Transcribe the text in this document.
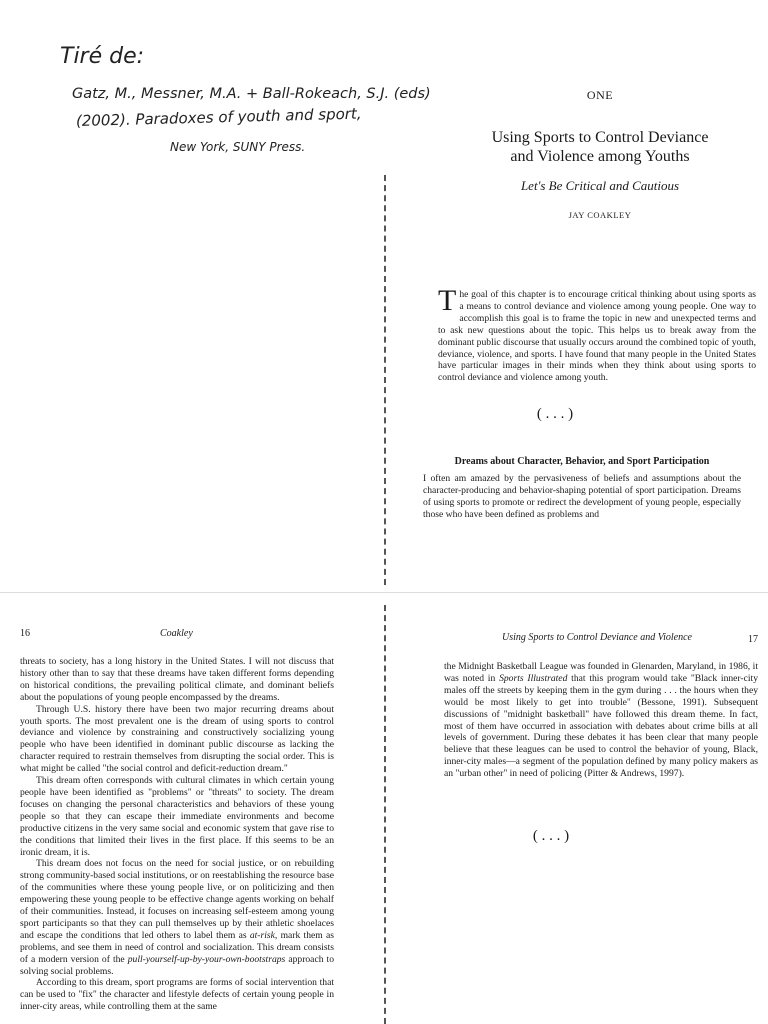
Tiré de:
Gatz, M., Messner, M.A. + Ball-Rokeach, S.J. (eds)
(2002). Paradoxes of youth and sport,
New York, SUNY Press.
ONE
Using Sports to Control Deviance
and Violence among Youths
Let's Be Critical and Cautious
JAY COAKLEY

The goal of this chapter is to encourage critical thinking about using sports as a means to control deviance and violence among young people. One way to accomplish this goal is to frame the topic in new and unexpected terms and to ask new questions about the topic. This helps us to break away from the dominant public discourse that usually occurs around the combined topic of youth, deviance, violence, and sports. I have found that many people in the United States have particular images in their minds when they think about using sports to control deviance and violence among youth.

( . . . )
Dreams about Character, Behavior, and Sport Participation

I often am amazed by the pervasiveness of beliefs and assumptions about the character-producing and behavior-shaping potential of sport participation. Dreams of using sports to promote or redirect the development of young people, especially those who have been defined as problems and

16	Coakley

threats to society, has a long history in the United States. I will not discuss that history other than to say that these dreams have taken different forms depending on historical conditions, the prevailing political climate, and dominant beliefs about the populations of young people encompassed by the dreams.

Through U.S. history there have been two major recurring dreams about youth sports. The most prevalent one is the dream of using sports to control deviance and violence by constraining and constructively socializing young people who have been identified in dominant public discourse as lacking the character required to restrain themselves from disrupting the social order. This is what might be called "the social control and deficit-reduction dream."

This dream often corresponds with cultural climates in which certain young people have been identified as "problems" or "threats" to society. The dream focuses on changing the personal characteristics and behaviors of these young people so that they can escape their immediate environments and become productive citizens in the very same social and economic system that gave rise to the conditions that limited their lives in the first place. If this seems to be an ironic dream, it is.

This dream does not focus on the need for social justice, or on rebuilding strong community-based social institutions, or on reestablishing the resource base of the communities where these young people live, or on politicizing and then empowering these young people to be effective change agents working on behalf of their communities. Instead, it focuses on increasing self-esteem among young sport participants so that they can pull themselves up by their athletic shoelaces and escape the conditions that led others to label them as at-risk, mark them as problems, and see them in need of control and socialization. This dream consists of a modern version of the pull-yourself-up-by-your-own-bootstraps approach to solving social problems.

According to this dream, sport programs are forms of social intervention that can be used to "fix" the character and lifestyle defects of certain young people in inner-city areas, while controlling them at the same

Using Sports to Control Deviance and Violence	17

the Midnight Basketball League was founded in Glenarden, Maryland, in 1986, it was noted in Sports Illustrated that this program would take "Black inner-city males off the streets by keeping them in the gym during . . . the hours when they would be most likely to get into trouble" (Bessone, 1991). Subsequent discussions of "midnight basketball" have followed this dream theme. In fact, most of them have occurred in association with debates about crime bills at all levels of government. During these debates it has been clear that many people believe that these leagues can be used to control the behavior of young, Black, inner-city males—a segment of the population defined by many policy makers as an "urban other" in need of policing (Pitter & Andrews, 1997).

( . . . )
